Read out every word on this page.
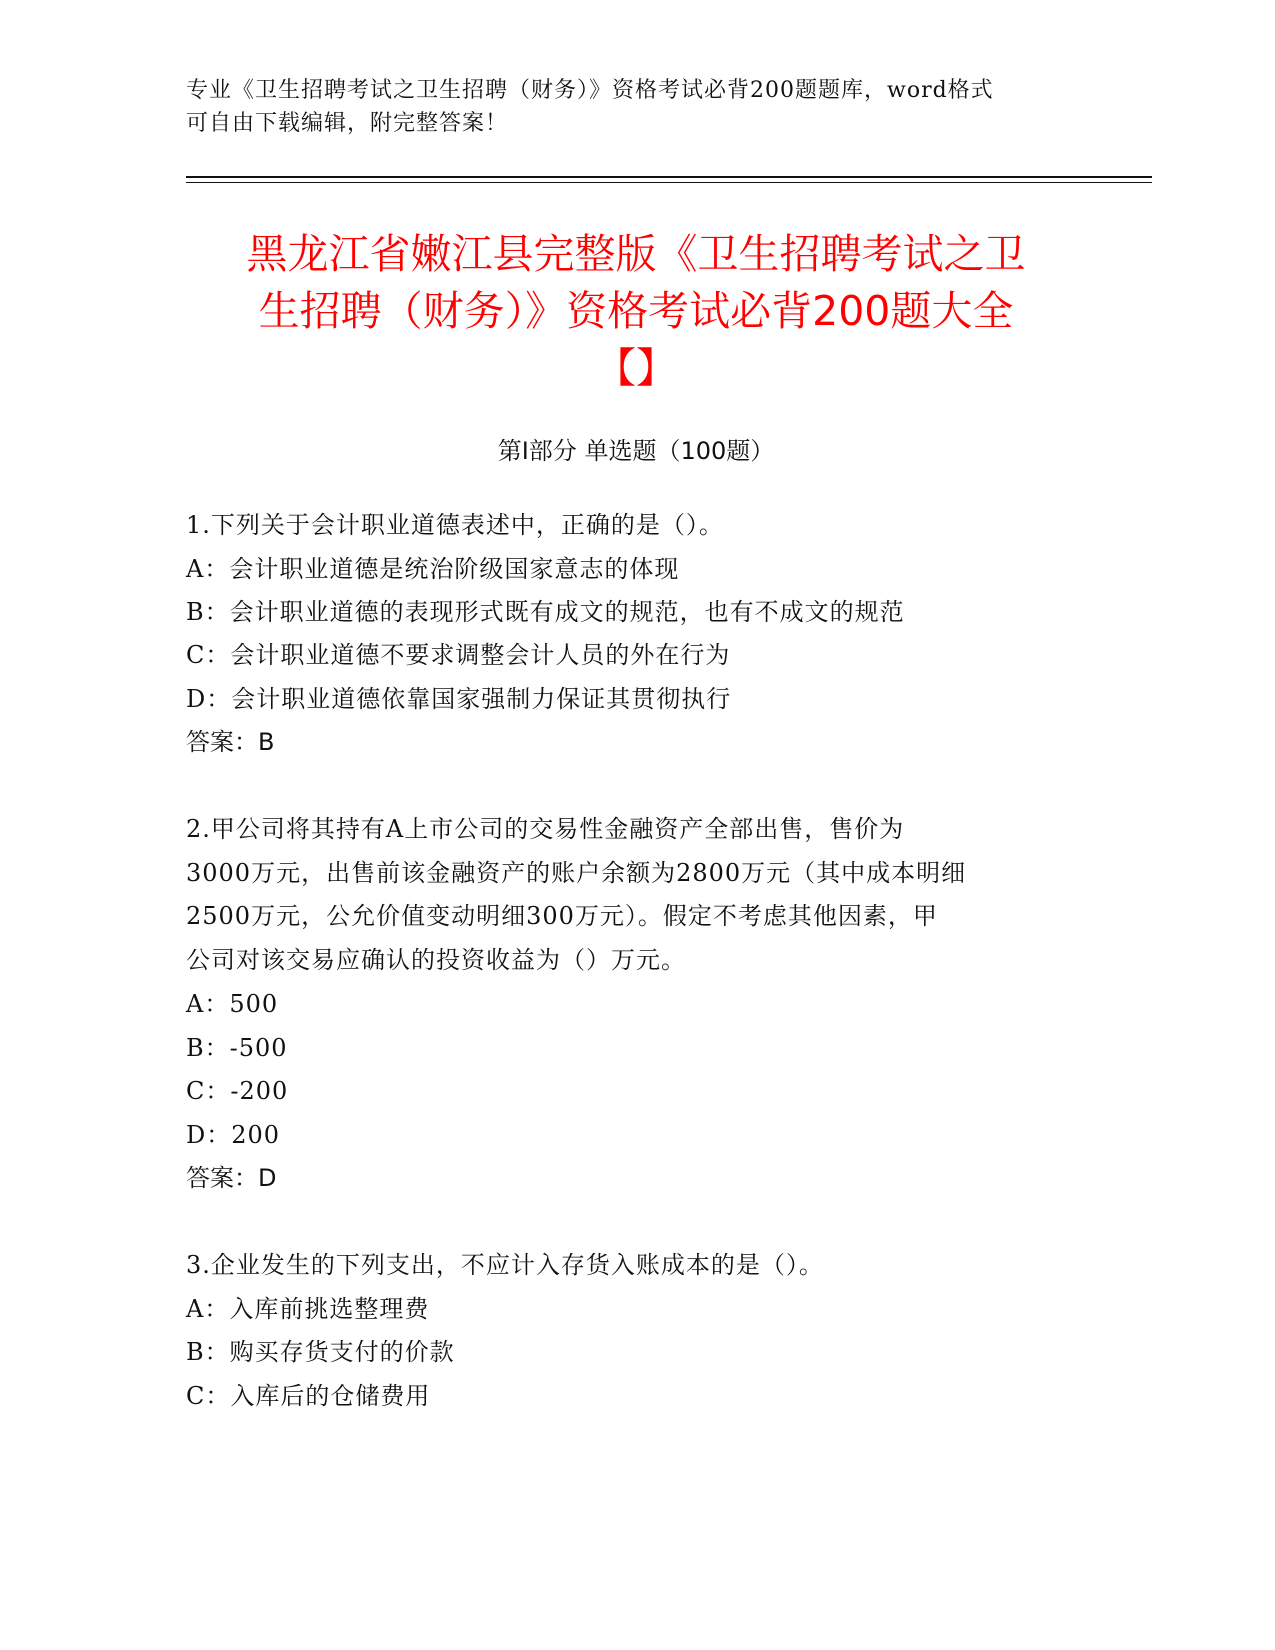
专业《卫生招聘考试之卫生招聘（财务）》资格考试必背200题题库，word格式
可自由下载编辑，附完整答案！
黑龙江省嫩江县完整版《卫生招聘考试之卫
生招聘（财务）》资格考试必背200题大全
【】
第I部分 单选题（100题）
1.下列关于会计职业道德表述中，正确的是（）。
A：会计职业道德是统治阶级国家意志的体现
B：会计职业道德的表现形式既有成文的规范，也有不成文的规范
C：会计职业道德不要求调整会计人员的外在行为
D：会计职业道德依靠国家强制力保证其贯彻执行
答案：B
2.甲公司将其持有A上市公司的交易性金融资产全部出售，售价为
3000万元，出售前该金融资产的账户余额为2800万元（其中成本明细
2500万元，公允价值变动明细300万元）。假定不考虑其他因素，甲
公司对该交易应确认的投资收益为（）万元。
A：500
B：-500
C：-200
D：200
答案：D
3.企业发生的下列支出，不应计入存货入账成本的是（）。
A：入库前挑选整理费
B：购买存货支付的价款
C：入库后的仓储费用
